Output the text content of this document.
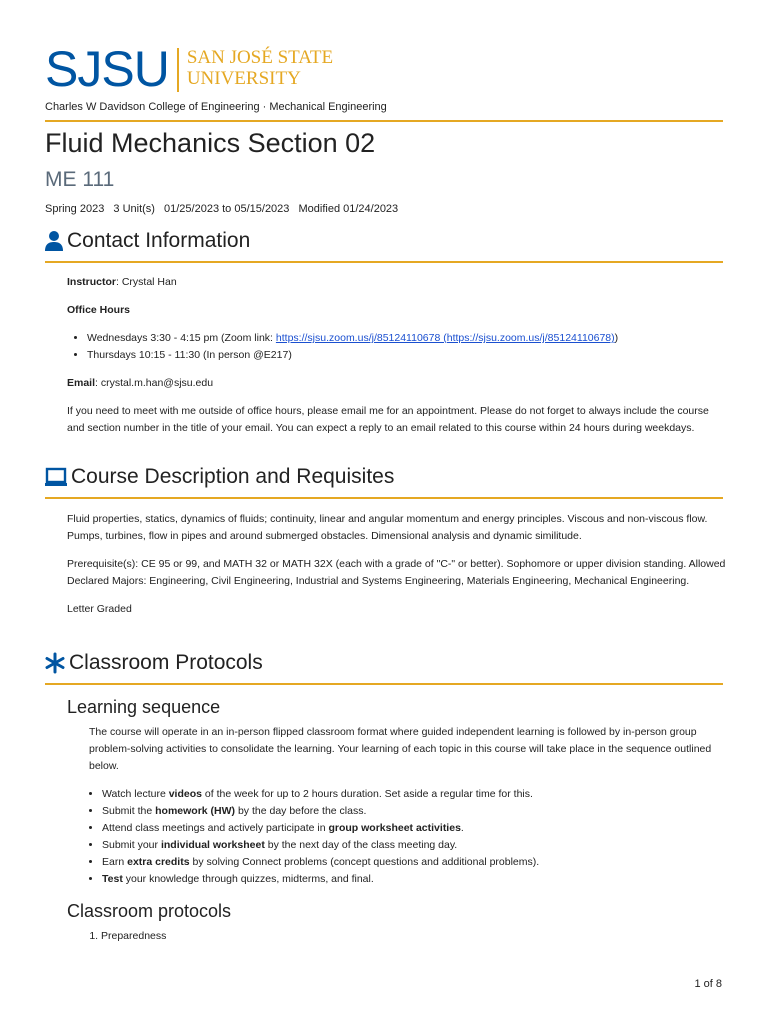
SJSU SAN JOSÉ STATE
UNIVERSITY
Charles W Davidson College of Engineering · Mechanical Engineering
Fluid Mechanics Section 02
ME 111
Spring 2023 3 Unit(s) 01/25/2023 to 05/15/2023 Modified 01/24/2023
Contact Information

Instructor: Crystal Han

Office Hours

• Wednesdays 3:30 - 4:15 pm (Zoom link: https://sjsu.zoom.us/j/85124110678 (https://sjsu.zoom.us/j/85124110678))
• Thursdays 10:15 - 11:30 (In person @E217)

Email: crystal.m.han@sjsu.edu

If you need to meet with me outside of office hours, please email me for an appointment. Please do not forget to always include the course and section number in the title of your email. You can expect a reply to an email related to this course within 24 hours during weekdays.

Course Description and Requisites

Fluid properties, statics, dynamics of fluids; continuity, linear and angular momentum and energy principles. Viscous and non-viscous flow. Pumps, turbines, flow in pipes and around submerged obstacles. Dimensional analysis and dynamic similitude.

Prerequisite(s): CE 95 or 99, and MATH 32 or MATH 32X (each with a grade of "C-" or better). Sophomore or upper division standing. Allowed Declared Majors: Engineering, Civil Engineering, Industrial and Systems Engineering, Materials Engineering, Mechanical Engineering.

Letter Graded

Classroom Protocols
Learning sequence

The course will operate in an in-person flipped classroom format where guided independent learning is followed by in-person group problem-solving activities to consolidate the learning. Your learning of each topic in this course will take place in the sequence outlined below.

• Watch lecture videos of the week for up to 2 hours duration. Set aside a regular time for this.
• Submit the homework (HW) by the day before the class.
• Attend class meetings and actively participate in group worksheet activities.
• Submit your individual worksheet by the next day of the class meeting day.
• Earn extra credits by solving Connect problems (concept questions and additional problems).
• Test your knowledge through quizzes, midterms, and final.
Classroom protocols
1. Preparedness
1 of 8
